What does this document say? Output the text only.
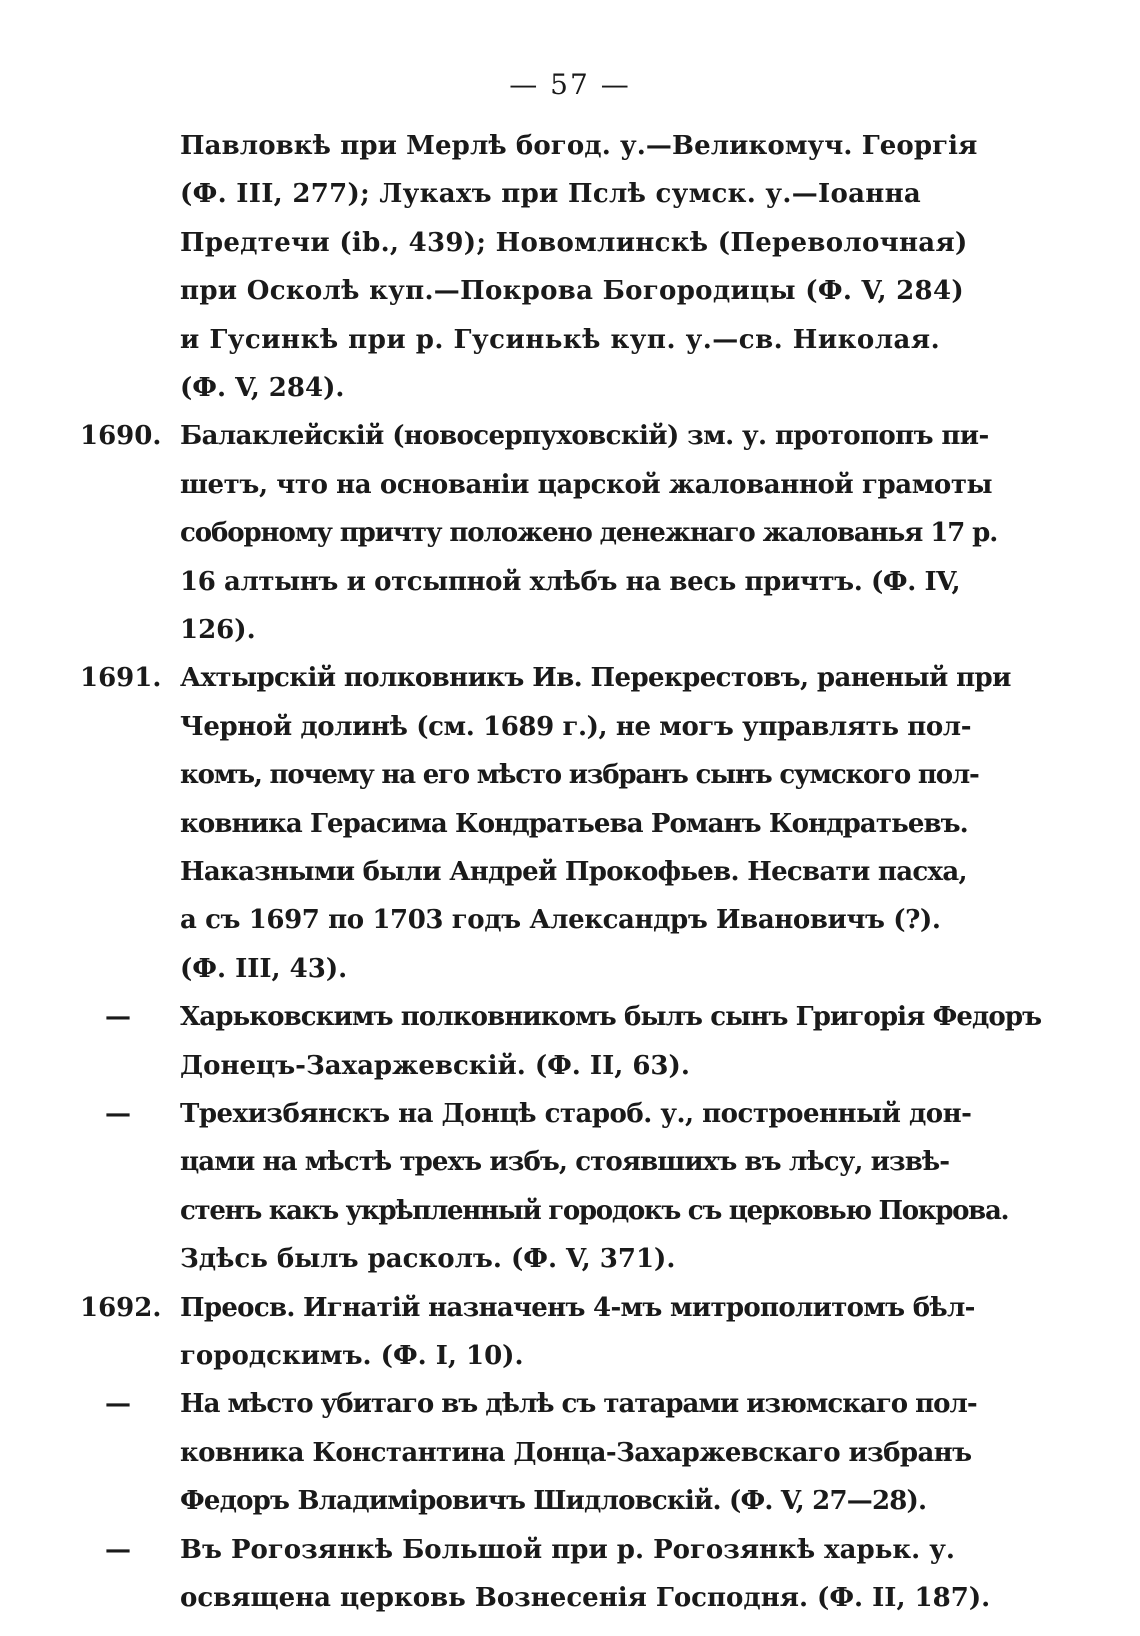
— 57 —
Павловкѣ при Мерлѣ богод. у.—Великомуч. Георгія
(Ф. III, 277); Лукахъ при Пслѣ сумск. у.—Іоанна
Предтечи (ib., 439); Новомлинскѣ (Переволочная)
при Осколѣ куп.—Покрова Богородицы (Ф. V, 284)
и Гусинкѣ при р. Гусинькѣ куп. у.—св. Николая.
(Ф. V, 284).
1690. Балаклейскій (новосерпуховскій) зм. у. протопопъ пи-
шетъ, что на основаніи царской жалованной грамоты
соборному причту положено денежнаго жалованья 17 р.
16 алтынъ и отсыпной хлѣбъ на весь причтъ. (Ф. IV,
126).
1691. Ахтырскій полковникъ Ив. Перекрестовъ, раненый при
Черной долинѣ (см. 1689 г.), не могъ управлять пол-
комъ, почему на его мѣсто избранъ сынъ сумского пол-
ковника Герасима Кондратьева Романъ Кондратьевъ.
Наказными были Андрей Прокофьев. Несвати пасха,
а съ 1697 по 1703 годъ Александръ Ивановичъ (?).
(Ф. III, 43).
— Харьковскимъ полковникомъ былъ сынъ Григорія Федоръ
Донецъ-Захаржевскій. (Ф. II, 63).
— Трехизбянскъ на Донцѣ староб. у., построенный дон-
цами на мѣстѣ трехъ избъ, стоявшихъ въ лѣсу, извѣ-
стенъ какъ укрѣпленный городокъ съ церковью Покрова.
Здѣсь былъ расколъ. (Ф. V, 371).
1692. Преосв. Игнатій назначенъ 4-мъ митрополитомъ бѣл-
городскимъ. (Ф. I, 10).
— На мѣсто убитаго въ дѣлѣ съ татарами изюмскаго пол-
ковника Константина Донца-Захаржевскаго избранъ
Федоръ Владиміровичъ Шидловскій. (Ф. V, 27—28).
— Въ Рогозянкѣ Большой при р. Рогозянкѣ харьк. у.
освящена церковь Вознесенія Господня. (Ф. II, 187).
